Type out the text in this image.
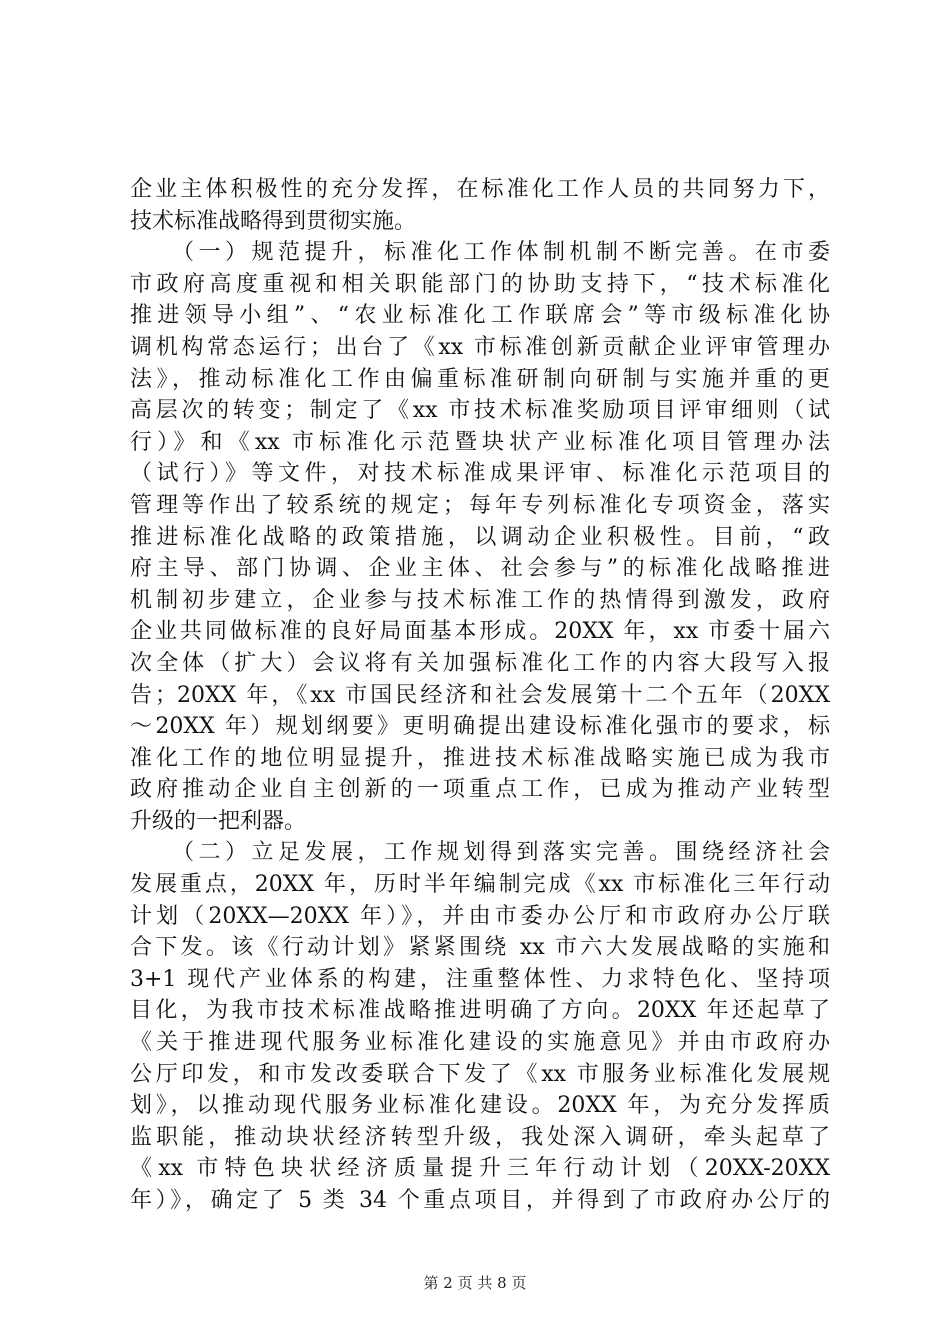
企业主体积极性的充分发挥，在标准化工作人员的共同努力下，
技术标准战略得到贯彻实施。
　　（一）规范提升，标准化工作体制机制不断完善。在市委
市政府高度重视和相关职能部门的协助支持下，“技术标准化
推进领导小组”、“农业标准化工作联席会”等市级标准化协
调机构常态运行；出台了《xx 市标准创新贡献企业评审管理办
法》，推动标准化工作由偏重标准研制向研制与实施并重的更
高层次的转变；制定了《xx 市技术标准奖励项目评审细则（试
行）》和《xx 市标准化示范暨块状产业标准化项目管理办法
（试行）》等文件，对技术标准成果评审、标准化示范项目的
管理等作出了较系统的规定；每年专列标准化专项资金，落实
推进标准化战略的政策措施，以调动企业积极性。目前，“政
府主导、部门协调、企业主体、社会参与”的标准化战略推进
机制初步建立，企业参与技术标准工作的热情得到激发，政府
企业共同做标准的良好局面基本形成。20XX 年，xx 市委十届六
次全体（扩大）会议将有关加强标准化工作的内容大段写入报
告；20XX 年，《xx 市国民经济和社会发展第十二个五年（20XX
～20XX 年）规划纲要》更明确提出建设标准化强市的要求，标
准化工作的地位明显提升，推进技术标准战略实施已成为我市
政府推动企业自主创新的一项重点工作，已成为推动产业转型
升级的一把利器。
　　（二）立足发展，工作规划得到落实完善。围绕经济社会
发展重点，20XX 年，历时半年编制完成《xx 市标准化三年行动
计划（20XX—20XX 年）》，并由市委办公厅和市政府办公厅联
合下发。该《行动计划》紧紧围绕 xx 市六大发展战略的实施和
3+1 现代产业体系的构建，注重整体性、力求特色化、坚持项
目化，为我市技术标准战略推进明确了方向。20XX 年还起草了
《关于推进现代服务业标准化建设的实施意见》并由市政府办
公厅印发，和市发改委联合下发了《xx 市服务业标准化发展规
划》，以推动现代服务业标准化建设。20XX 年，为充分发挥质
监职能，推动块状经济转型升级，我处深入调研，牵头起草了
《xx 市特色块状经济质量提升三年行动计划（20XX-20XX
年）》，确定了 5 类 34 个重点项目，并得到了市政府办公厅的
第 2 页 共 8 页
